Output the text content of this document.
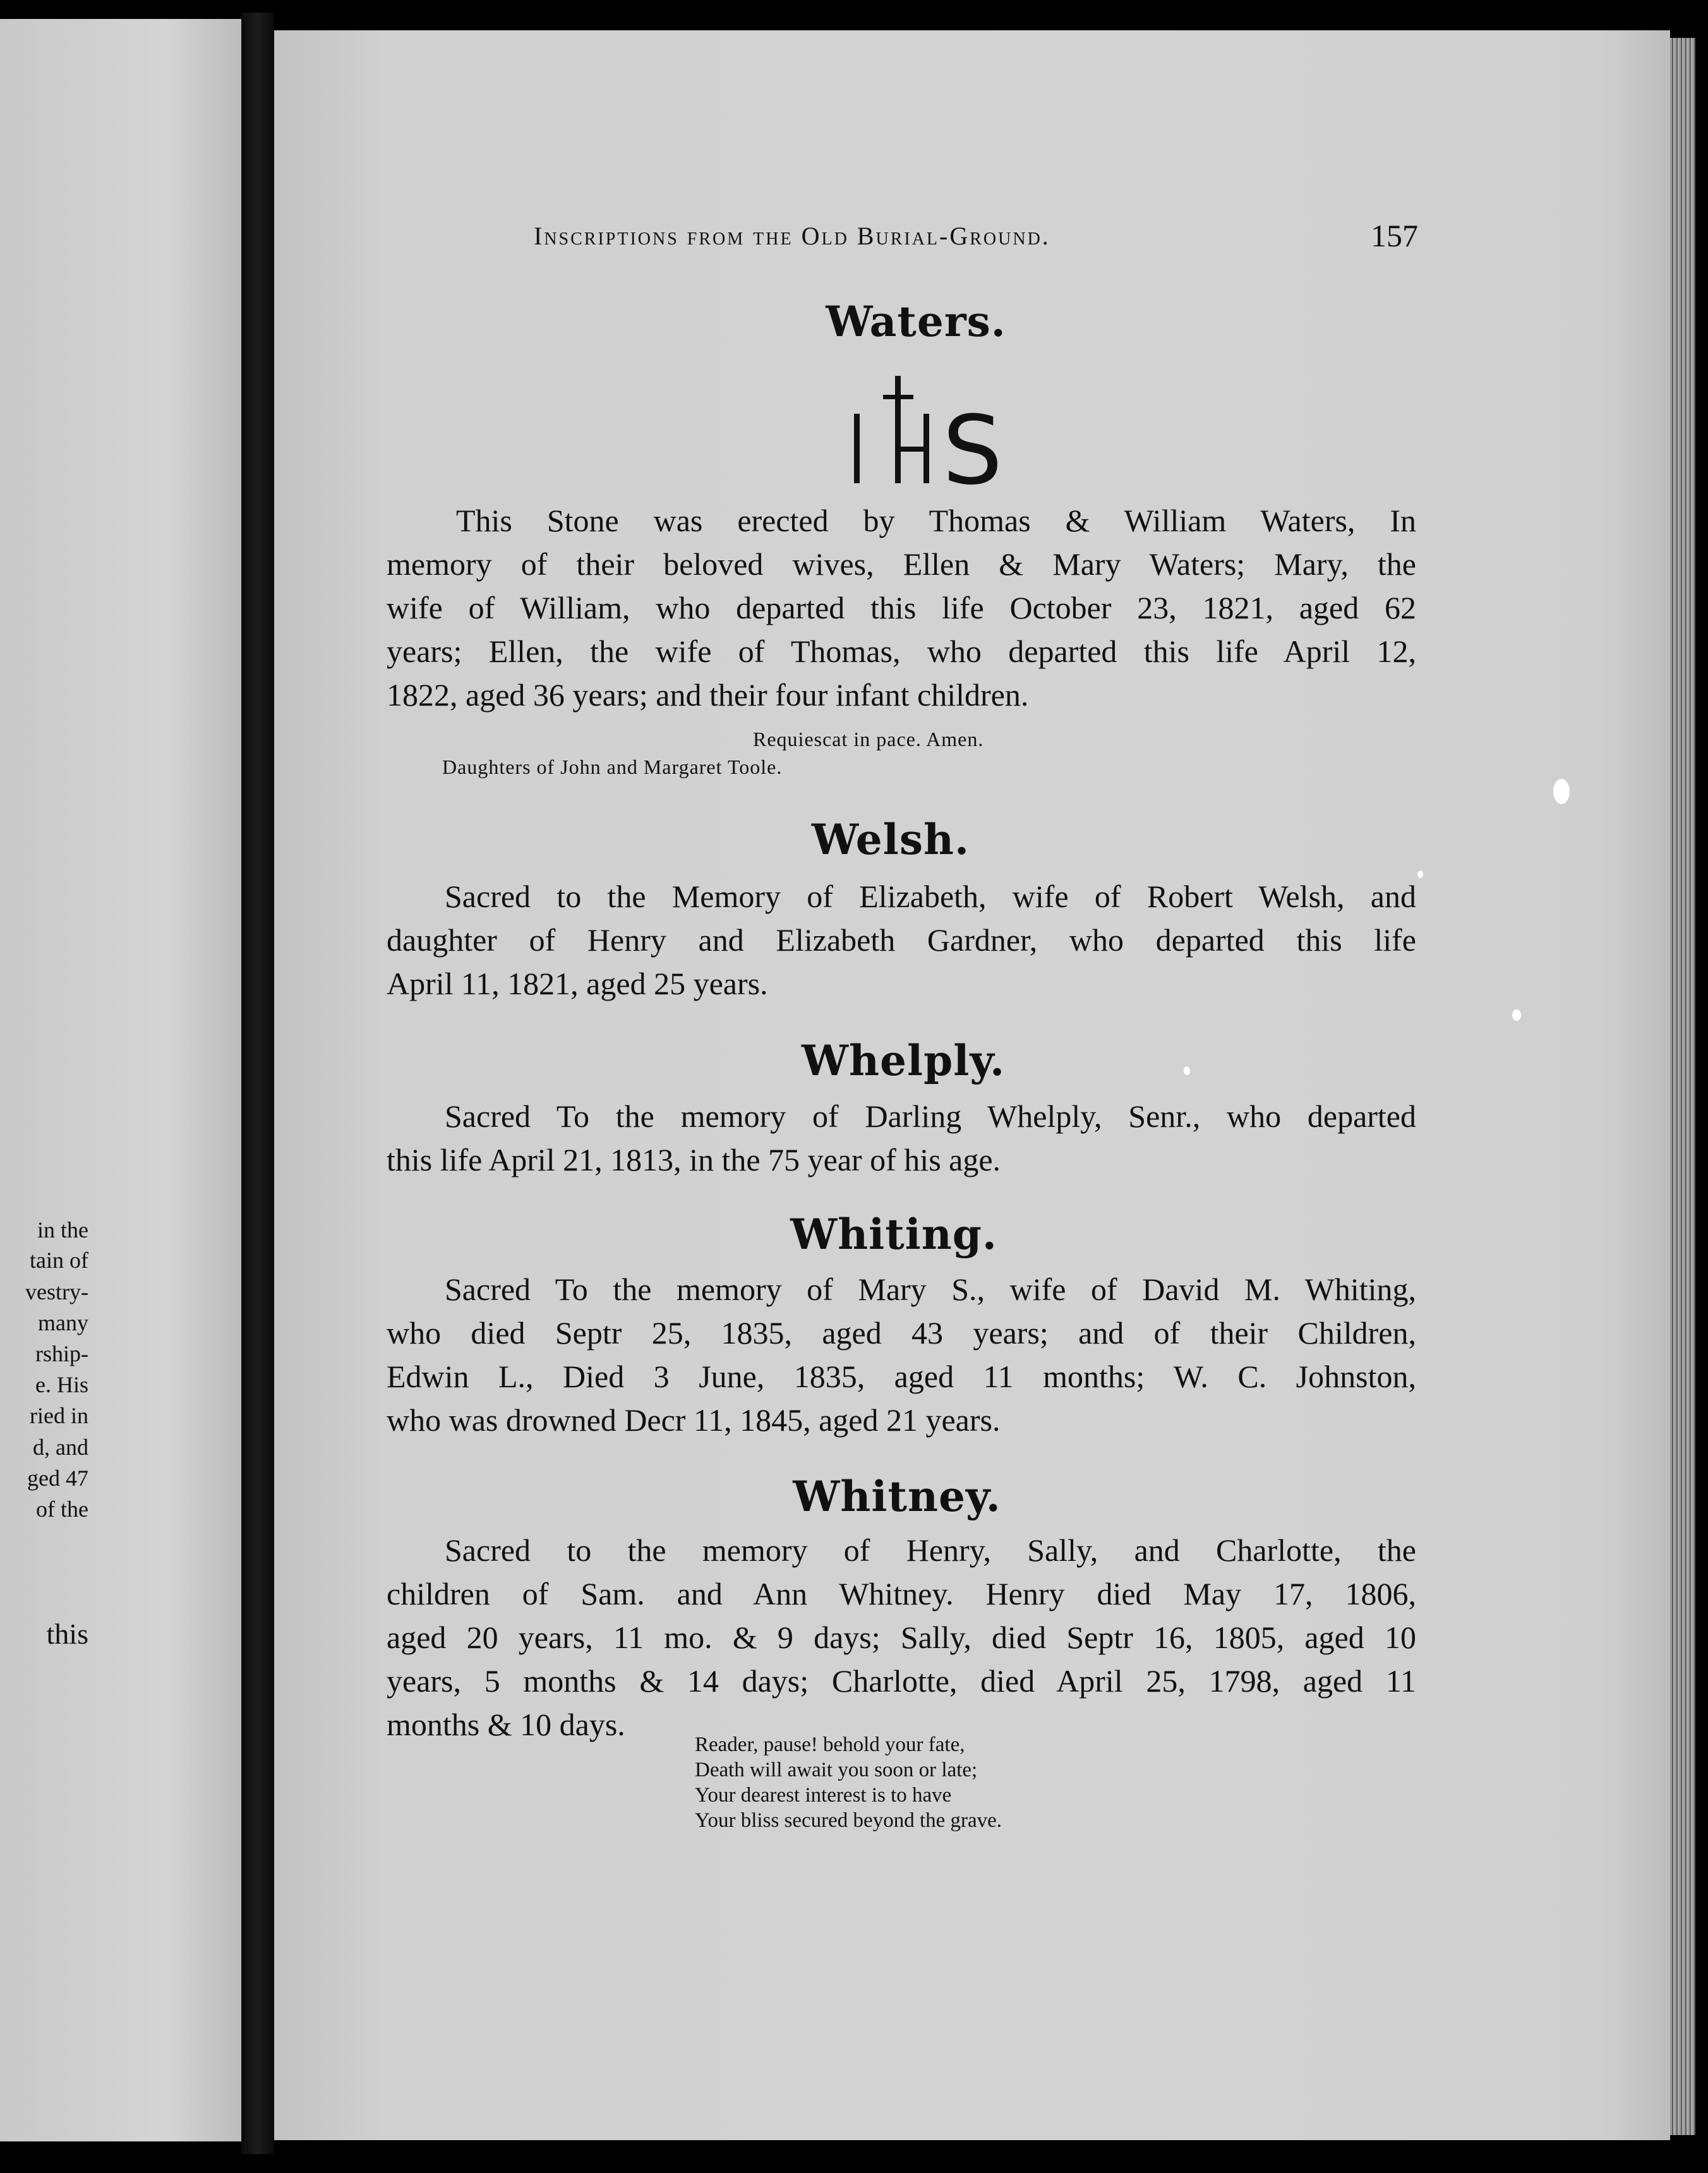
in the
tain of
vestry-
many
rship-
e. His
ried in
d, and
ged 47
of the
this
Inscriptions from the Old Burial-Ground.	157
Waters.
S
This Stone was erected by Thomas & William Waters, In
memory of their beloved wives, Ellen & Mary Waters; Mary, the
wife of William, who departed this life October 23, 1821, aged 62
years; Ellen, the wife of Thomas, who departed this life April 12,
1822, aged 36 years; and their four infant children.
Requiescat in pace. Amen.
Daughters of John and Margaret Toole.
Welsh.
Sacred to the Memory of Elizabeth, wife of Robert Welsh, and
daughter of Henry and Elizabeth Gardner, who departed this life
April 11, 1821, aged 25 years.
Whelply.
Sacred To the memory of Darling Whelply, Senr., who departed
this life April 21, 1813, in the 75 year of his age.
Whiting.
Sacred To the memory of Mary S., wife of David M. Whiting,
who died Septr 25, 1835, aged 43 years; and of their Children,
Edwin L., Died 3 June, 1835, aged 11 months; W. C. Johnston,
who was drowned Decr 11, 1845, aged 21 years.
Whitney.
Sacred to the memory of Henry, Sally, and Charlotte, the
children of Sam. and Ann Whitney. Henry died May 17, 1806,
aged 20 years, 11 mo. & 9 days; Sally, died Septr 16, 1805, aged 10
years, 5 months & 14 days; Charlotte, died April 25, 1798, aged 11
months & 10 days.
Reader, pause! behold your fate,
Death will await you soon or late;
Your dearest interest is to have
Your bliss secured beyond the grave.
